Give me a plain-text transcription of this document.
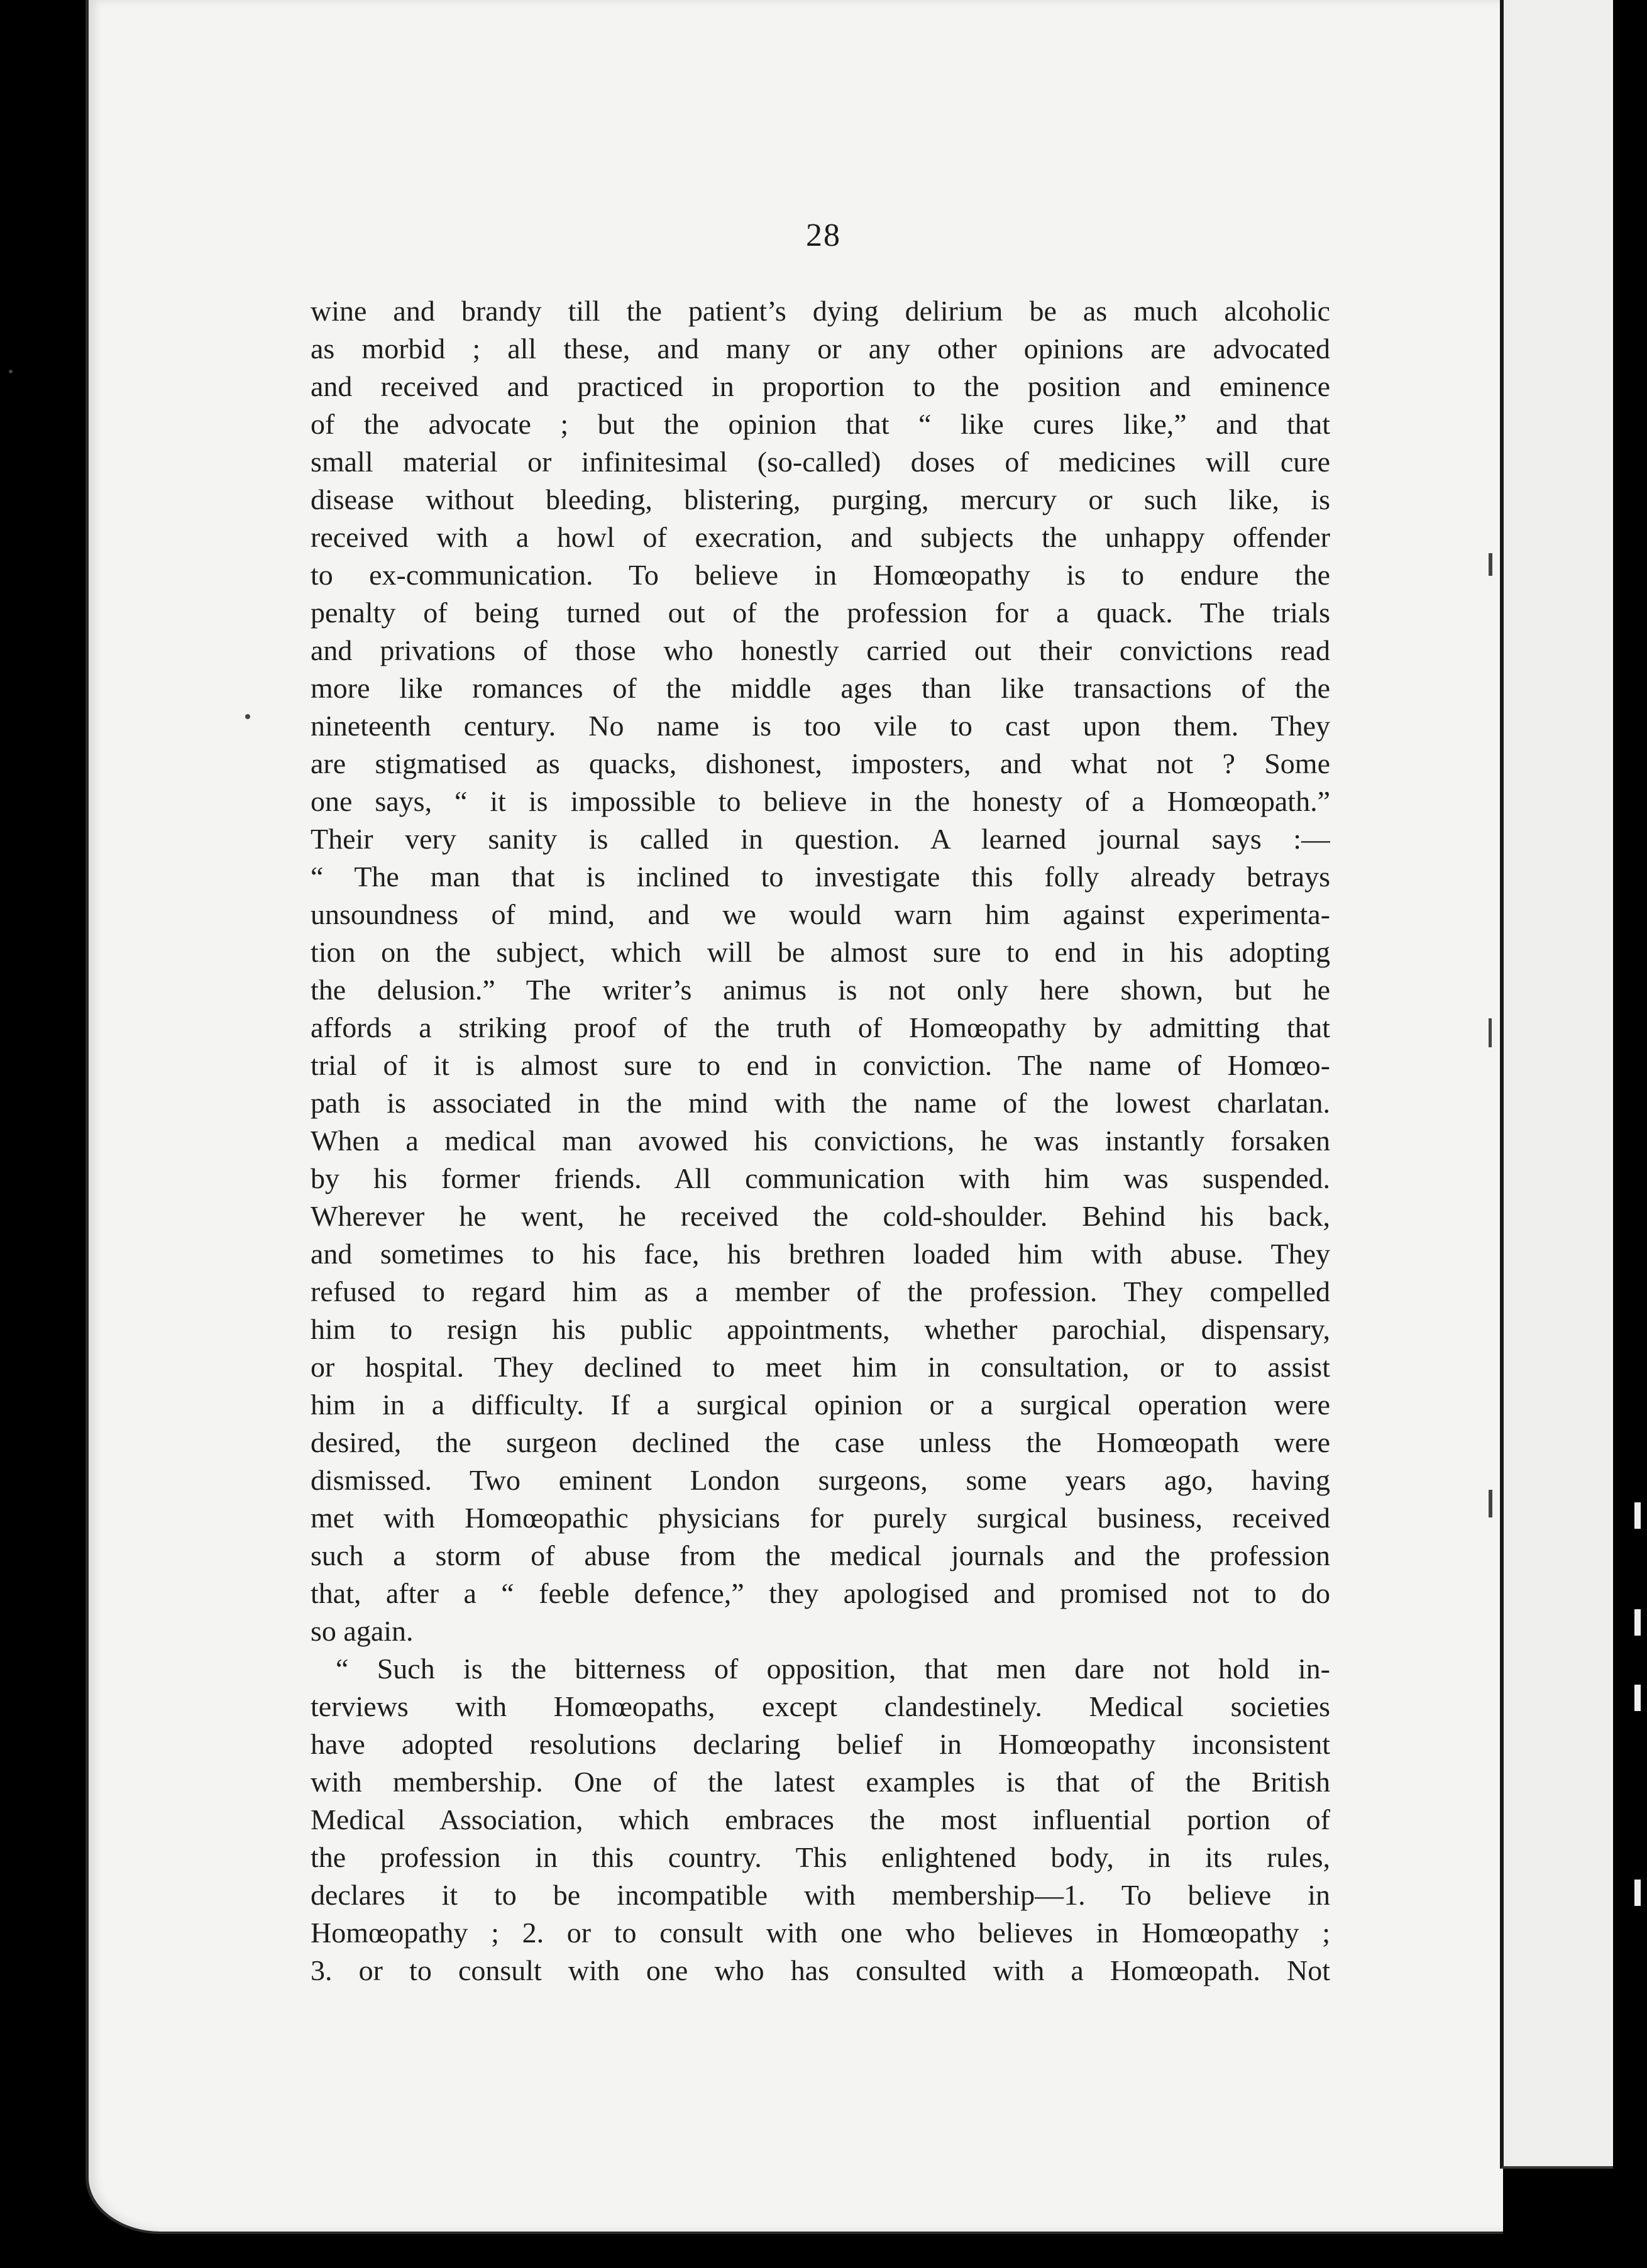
28
wine and brandy till the patient’s dying delirium be as much alcoholic
as morbid ; all these, and many or any other opinions are advocated
and received and practiced in proportion to the position and eminence
of the advocate ; but the opinion that “ like cures like,” and that
small material or infinitesimal (so-called) doses of medicines will cure
disease without bleeding, blistering, purging, mercury or such like, is
received with a howl of execration, and subjects the unhappy offender
to ex-communication. To believe in Homœopathy is to endure the
penalty of being turned out of the profession for a quack. The trials
and privations of those who honestly carried out their convictions read
more like romances of the middle ages than like transactions of the
nineteenth century. No name is too vile to cast upon them. They
are stigmatised as quacks, dishonest, imposters, and what not ? Some
one says, “ it is impossible to believe in the honesty of a Homœopath.”
Their very sanity is called in question. A learned journal says :—
“ The man that is inclined to investigate this folly already betrays
unsoundness of mind, and we would warn him against experimenta-
tion on the subject, which will be almost sure to end in his adopting
the delusion.” The writer’s animus is not only here shown, but he
affords a striking proof of the truth of Homœopathy by admitting that
trial of it is almost sure to end in conviction. The name of Homœo-
path is associated in the mind with the name of the lowest charlatan.
When a medical man avowed his convictions, he was instantly forsaken
by his former friends. All communication with him was suspended.
Wherever he went, he received the cold-shoulder. Behind his back,
and sometimes to his face, his brethren loaded him with abuse. They
refused to regard him as a member of the profession. They compelled
him to resign his public appointments, whether parochial, dispensary,
or hospital. They declined to meet him in consultation, or to assist
him in a difficulty. If a surgical opinion or a surgical operation were
desired, the surgeon declined the case unless the Homœopath were
dismissed. Two eminent London surgeons, some years ago, having
met with Homœopathic physicians for purely surgical business, received
such a storm of abuse from the medical journals and the profession
that, after a “ feeble defence,” they apologised and promised not to do
so again.
“ Such is the bitterness of opposition, that men dare not hold in-
terviews with Homœopaths, except clandestinely. Medical societies
have adopted resolutions declaring belief in Homœopathy inconsistent
with membership. One of the latest examples is that of the British
Medical Association, which embraces the most influential portion of
the profession in this country. This enlightened body, in its rules,
declares it to be incompatible with membership—1. To believe in
Homœopathy ; 2. or to consult with one who believes in Homœopathy ;
3. or to consult with one who has consulted with a Homœopath. Not
